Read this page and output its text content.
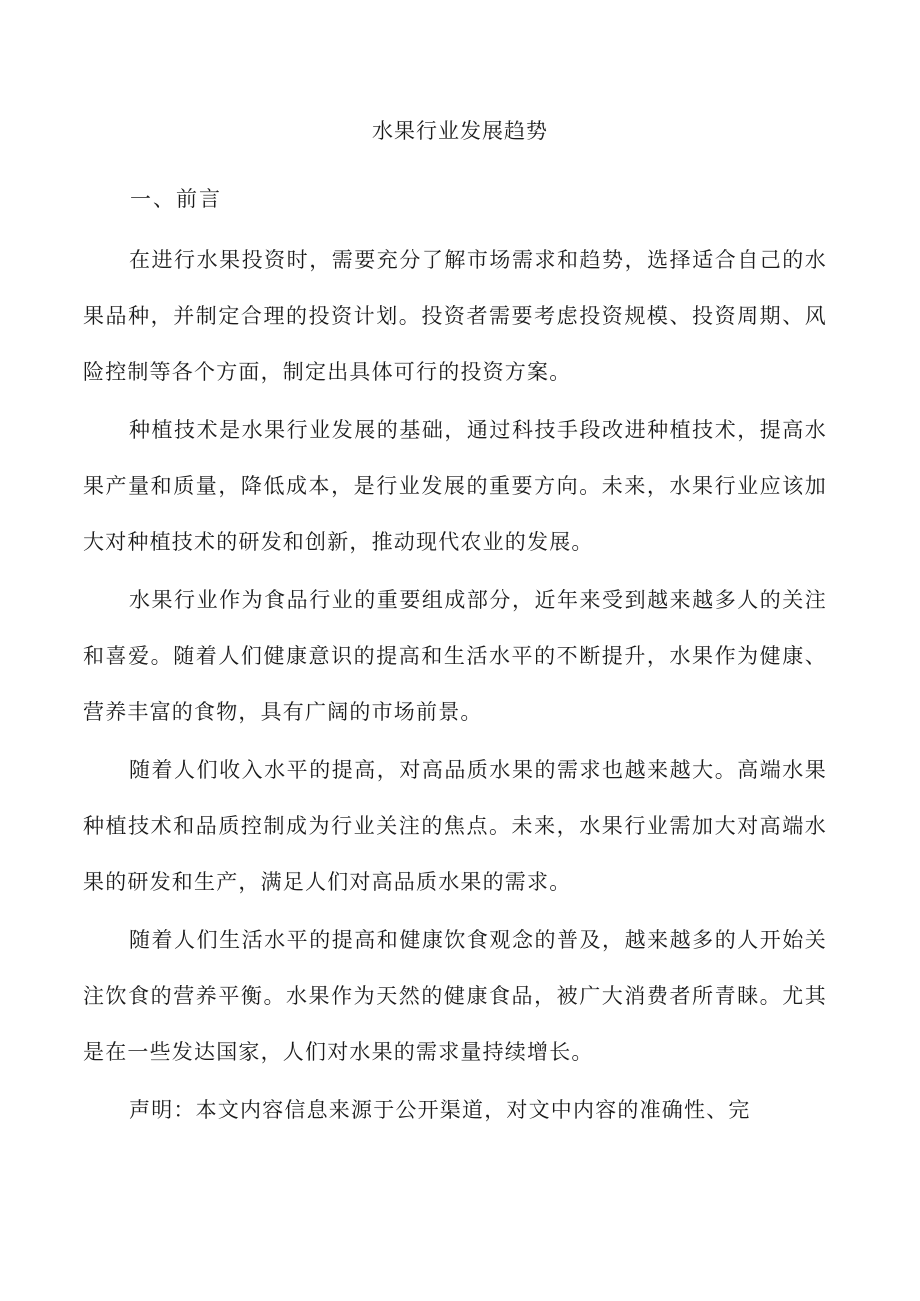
水果行业发展趋势
一、前言

在进行水果投资时，需要充分了解市场需求和趋势，选择适合自己的水果品种，并制定合理的投资计划。投资者需要考虑投资规模、投资周期、风险控制等各个方面，制定出具体可行的投资方案。

种植技术是水果行业发展的基础，通过科技手段改进种植技术，提高水果产量和质量，降低成本，是行业发展的重要方向。未来，水果行业应该加大对种植技术的研发和创新，推动现代农业的发展。

水果行业作为食品行业的重要组成部分，近年来受到越来越多人的关注和喜爱。随着人们健康意识的提高和生活水平的不断提升，水果作为健康、营养丰富的食物，具有广阔的市场前景。

随着人们收入水平的提高，对高品质水果的需求也越来越大。高端水果种植技术和品质控制成为行业关注的焦点。未来，水果行业需加大对高端水果的研发和生产，满足人们对高品质水果的需求。

随着人们生活水平的提高和健康饮食观念的普及，越来越多的人开始关注饮食的营养平衡。水果作为天然的健康食品，被广大消费者所青睐。尤其是在一些发达国家，人们对水果的需求量持续增长。

声明：本文内容信息来源于公开渠道，对文中内容的准确性、完
